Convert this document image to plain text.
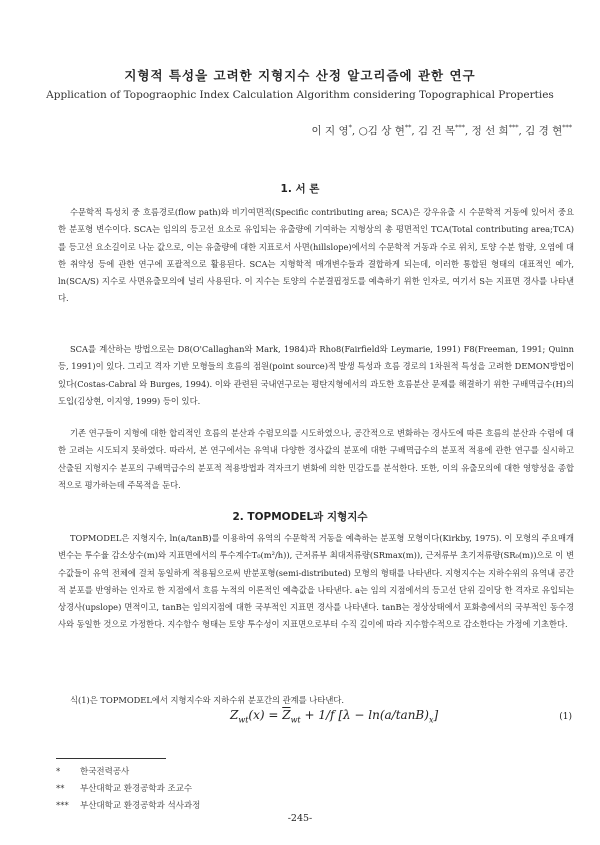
지형적 특성을 고려한 지형지수 산정 알고리즘에 관한 연구
Application of Topograophic Index Calculation Algorithm considering Topographical Properties
이 지 영*, ○김 상 현**, 김 건 목***, 정 선 희***, 김 경 현***
1. 서 론

수문학적 특성치 중 흐름경로(flow path)와 비기여면적(Specific contributing area; SCA)은 강우유출 시 수문학적 거동에 있어서 중요한 분포형 변수이다. SCA는 임의의 등고선 요소로 유입되는 유출량에 기여하는 지형상의 총 평면적인 TCA(Total contributing area;TCA)를 등고선 요소길이로 나눈 값으로, 이는 유출량에 대한 지표로서 사면(hillslope)에서의 수문학적 거동과 수로 위치, 토양 수분 함량, 오염에 대한 취약성 등에 관한 연구에 포괄적으로 활용된다. SCA는 지형학적 매개변수들과 결합하게 되는데, 이러한 통합된 형태의 대표적인 예가, ln(SCA/S) 지수로 사면유출모의에 널리 사용된다. 이 지수는 토양의 수분결핍정도를 예측하기 위한 인자로, 여기서 S는 지표면 경사를 나타낸다.

SCA를 계산하는 방법으로는 D8(O'Callaghan와 Mark, 1984)과 Rho8(Fairfield와 Leymarie, 1991) F8(Freeman, 1991; Quinn 등, 1991)이 있다. 그리고 격자 기반 모형들의 흐름의 점원(point source)적 발생 특성과 흐름 경로의 1차원적 특성을 고려한 DEMON방법이 있다(Costas-Cabral 와 Burges, 1994). 이와 관련된 국내연구로는 평탄지형에서의 과도한 흐름분산 문제를 해결하기 위한 구배멱급수(H)의 도입(김상현, 이지영, 1999) 등이 있다.

기존 연구들이 지형에 대한 합리적인 흐름의 분산과 수렴모의를 시도하였으나, 공간적으로 변화하는 경사도에 따른 흐름의 분산과 수렴에 대한 고려는 시도되지 못하였다. 따라서, 본 연구에서는 유역내 다양한 경사값의 분포에 대한 구배멱급수의 분포적 적용에 관한 연구를 실시하고 산출된 지형지수 분포의 구배멱급수의 분포적 적용방법과 격자크기 변화에 의한 민감도를 분석한다. 또한, 이의 유출모의에 대한 영향성을 종합적으로 평가하는데 주목적을 둔다.

2. TOPMODEL과 지형지수

TOPMODEL은 지형지수, ln(a/tanB)를 이용하여 유역의 수문학적 거동을 예측하는 분포형 모형이다(Kirkby, 1975). 이 모형의 주요매개변수는 투수율 감소상수(m)와 지표면에서의 투수계수T₀(m²/h)), 근저류부 최대저류량(SRmax(m)), 근저류부 초기저류량(SR₀(m))으로 이 변수값들이 유역 전체에 걸쳐 동일하게 적용됨으로써 반분포형(semi-distributed) 모형의 형태를 나타낸다. 지형지수는 지하수위의 유역내 공간적 분포를 반영하는 인자로 한 지점에서 흐름 누적의 이론적인 예측값을 나타낸다. a는 임의 지점에서의 등고선 단위 길이당 한 격자로 유입되는 상경사(upslope) 면적이고, tanB는 임의지점에 대한 국부적인 지표면 경사를 나타낸다. tanB는 정상상태에서 포화층에서의 국부적인 동수경사와 동일한 것으로 가정한다. 지수함수 형태는 토양 투수성이 지표면으로부터 수직 깊이에 따라 지수함수적으로 감소한다는 가정에 기초한다.

식(1)은 TOPMODEL에서 지형지수와 지하수위 분포간의 관계를 나타낸다.

$Z_{wt}(x) = \overline{Z}_{wt} + 1/f$ $[\lambda - \ln(a/\tan B)_x]$	(1)
* 한국전력공사
** 부산대학교 환경공학과 조교수
*** 부산대학교 환경공학과 석사과정
-245-
